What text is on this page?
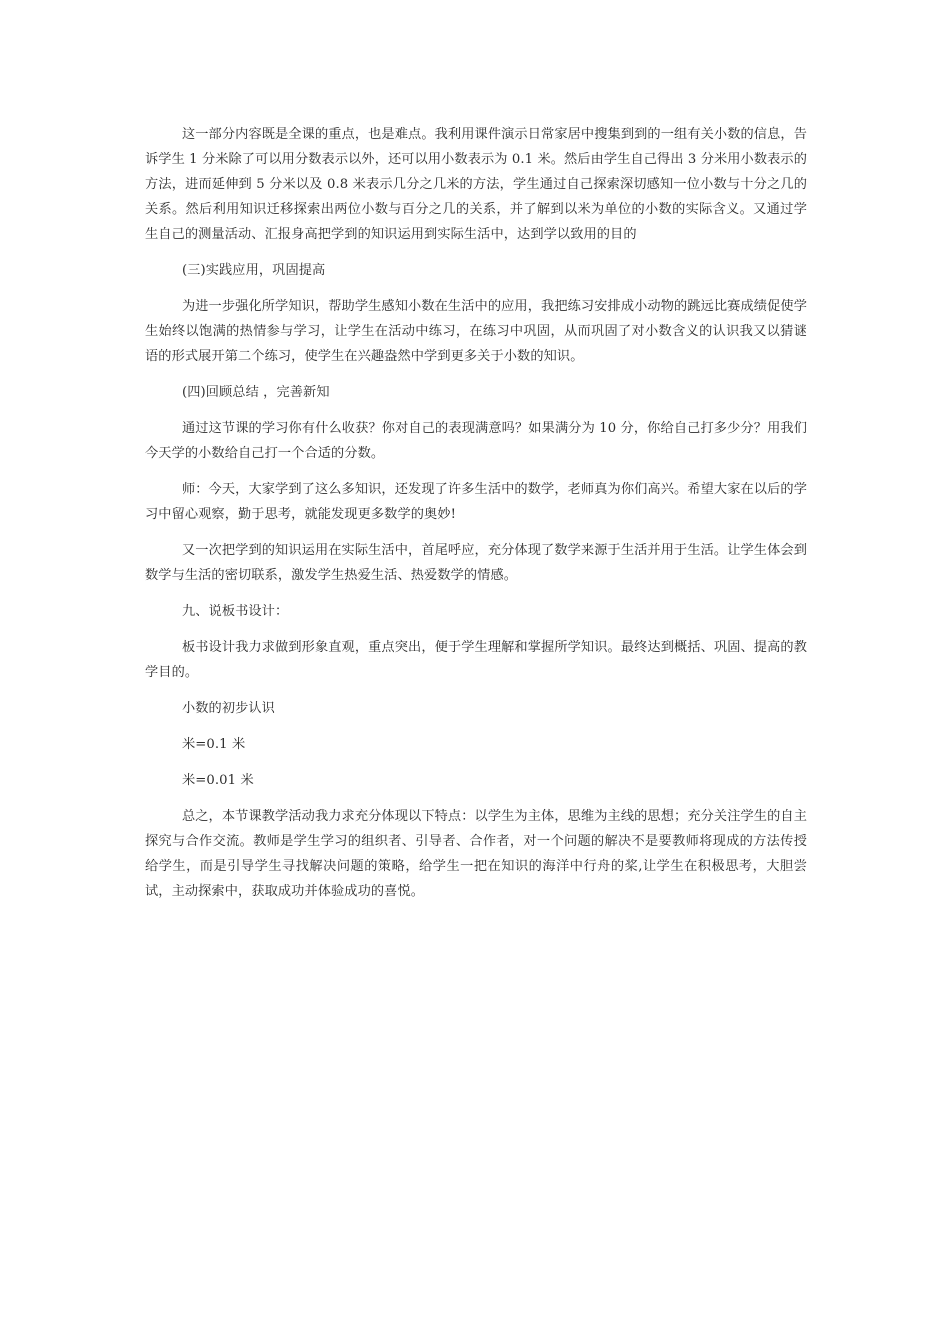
这一部分内容既是全课的重点，也是难点。我利用课件演示日常家居中搜集到到的一组有关小数的信息，告诉学生 1 分米除了可以用分数表示以外，还可以用小数表示为 0.1 米。然后由学生自己得出 3 分米用小数表示的方法，进而延伸到 5 分米以及 0.8 米表示几分之几米的方法，学生通过自己探索深切感知一位小数与十分之几的关系。然后利用知识迁移探索出两位小数与百分之几的关系，并了解到以米为单位的小数的实际含义。又通过学生自己的测量活动、汇报身高把学到的知识运用到实际生活中，达到学以致用的目的

(三)实践应用，巩固提高

为进一步强化所学知识，帮助学生感知小数在生活中的应用，我把练习安排成小动物的跳远比赛成绩促使学生始终以饱满的热情参与学习，让学生在活动中练习，在练习中巩固，从而巩固了对小数含义的认识我又以猜谜语的形式展开第二个练习，使学生在兴趣盎然中学到更多关于小数的知识。

(四)回顾总结 ，完善新知

通过这节课的学习你有什么收获？你对自己的表现满意吗？如果满分为 10 分，你给自己打多少分？用我们今天学的小数给自己打一个合适的分数。

师：今天，大家学到了这么多知识，还发现了许多生活中的数学，老师真为你们高兴。希望大家在以后的学习中留心观察，勤于思考，就能发现更多数学的奥妙!

又一次把学到的知识运用在实际生活中，首尾呼应，充分体现了数学来源于生活并用于生活。让学生体会到数学与生活的密切联系，激发学生热爱生活、热爱数学的情感。

九、说板书设计：

板书设计我力求做到形象直观，重点突出，便于学生理解和掌握所学知识。最终达到概括、巩固、提高的教学目的。

小数的初步认识

米=0.1 米

米=0.01 米

总之，本节课教学活动我力求充分体现以下特点：以学生为主体，思维为主线的思想；充分关注学生的自主探究与合作交流。教师是学生学习的组织者、引导者、合作者，对一个问题的解决不是要教师将现成的方法传授给学生，而是引导学生寻找解决问题的策略，给学生一把在知识的海洋中行舟的桨,让学生在积极思考，大胆尝试，主动探索中，获取成功并体验成功的喜悦。
